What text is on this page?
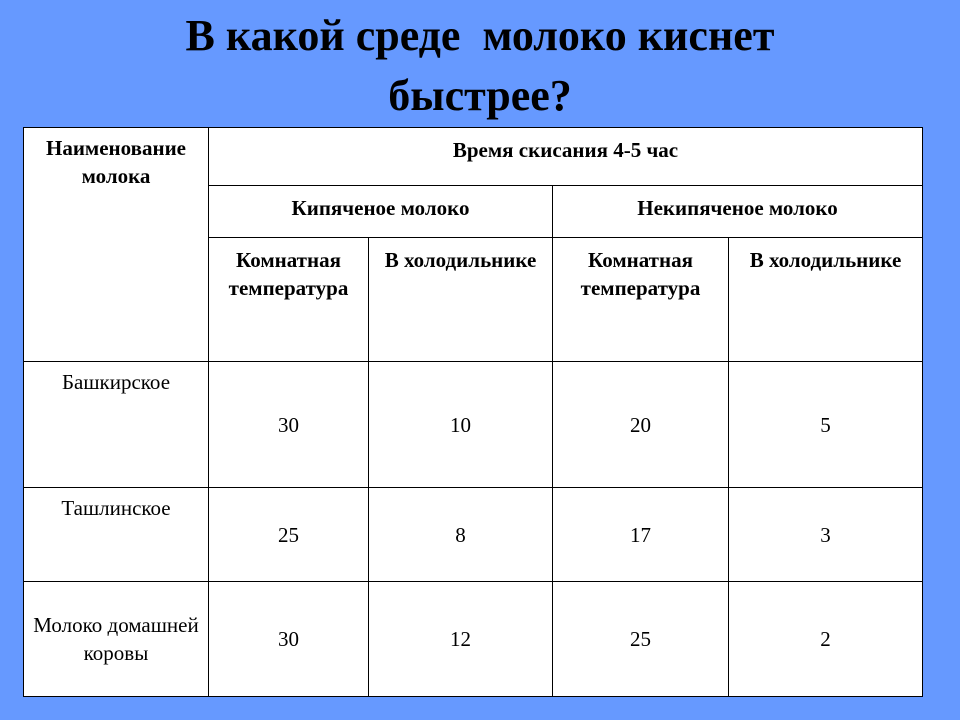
В какой среде  молоко киснет
быстрее?
Наименование молока	Время скисания 4-5 час			
	Кипяченое молоко		Некипяченое молоко	
	Комнатная температура	В холодильнике	Комнатная температура	В холодильнике
Башкирское	30	10	20	5
Ташлинское	25	8	17	3
Молоко домашней коровы	30	12	25	2
